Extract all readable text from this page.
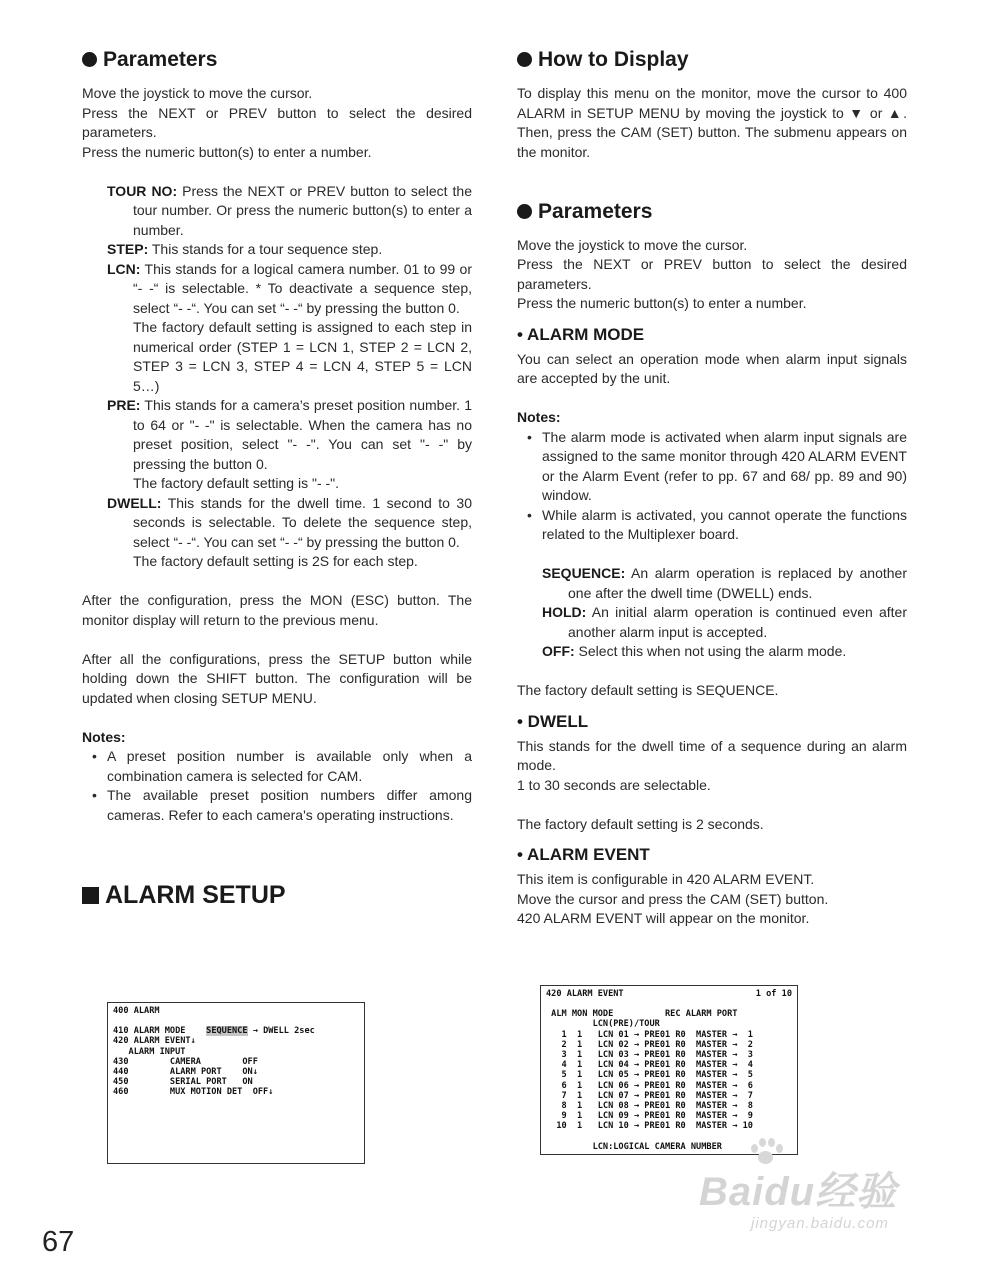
Parameters

Move the joystick to move the cursor.

Press the NEXT or PREV button to select the desired parameters.

Press the numeric button(s) to enter a number.

TOUR NO: Press the NEXT or PREV button to select the tour number. Or press the numeric button(s) to enter a number.

STEP: This stands for a tour sequence step.

LCN: This stands for a logical camera number. 01 to 99 or “- -“ is selectable. * To deactivate a sequence step, select “- -“. You can set “- -“ by pressing the button 0.
The factory default setting is assigned to each step in numerical order (STEP 1 = LCN 1, STEP 2 = LCN 2, STEP 3 = LCN 3, STEP 4 = LCN 4, STEP 5 = LCN 5…)

PRE: This stands for a camera’s preset position number. 1 to 64 or "- -" is selectable. When the camera has no preset position, select "- -". You can set "- -" by pressing the button 0.
The factory default setting is "- -".

DWELL: This stands for the dwell time. 1 second to 30 seconds is selectable. To delete the sequence step, select “- -“. You can set “- -“ by pressing the button 0.
The factory default setting is 2S for each step.

After the configuration, press the MON (ESC) button. The monitor display will return to the previous menu.

After all the configurations, press the SETUP button while holding down the SHIFT button. The configuration will be updated when closing SETUP MENU.

Notes:

• A preset position number is available only when a combination camera is selected for CAM.
• The available preset position numbers differ among cameras. Refer to each camera's operating instructions.
ALARM SETUP
How to Display

To display this menu on the monitor, move the cursor to 400 ALARM in SETUP MENU by moving the joystick to ▼ or ▲. Then, press the CAM (SET) button. The submenu appears on the monitor.

Parameters

Move the joystick to move the cursor.

Press the NEXT or PREV button to select the desired parameters.

Press the numeric button(s) to enter a number.

• ALARM MODE

You can select an operation mode when alarm input signals are accepted by the unit.

Notes:

• The alarm mode is activated when alarm input signals are assigned to the same monitor through 420 ALARM EVENT or the Alarm Event (refer to pp. 67 and 68/ pp. 89 and 90) window.
• While alarm is activated, you cannot operate the functions related to the Multiplexer board.

SEQUENCE: An alarm operation is replaced by another one after the dwell time (DWELL) ends.

HOLD: An initial alarm operation is continued even after another alarm input is accepted.

OFF: Select this when not using the alarm mode.

The factory default setting is SEQUENCE.

• DWELL

This stands for the dwell time of a sequence during an alarm mode.

1 to 30 seconds are selectable.

The factory default setting is 2 seconds.

• ALARM EVENT

This item is configurable in 420 ALARM EVENT.

Move the cursor and press the CAM (SET) button.

420 ALARM EVENT will appear on the monitor.

400 ALARM
410 ALARM MODE    SEQUENCE → DWELL 2sec
420 ALARM EVENT↓
ALARM INPUT
430        CAMERA        OFF
440        ALARM PORT    ON↓
450        SERIAL PORT   ON
460        MUX MOTION DET  OFF↓
420 ALARM EVENT	1 of 10
ALM MON MODE          REC ALARM PORT
LCN(PRE)/TOUR
1  1   LCN 01 → PRE01 R0  MASTER →  1
2  1   LCN 02 → PRE01 R0  MASTER →  2
3  1   LCN 03 → PRE01 R0  MASTER →  3
4  1   LCN 04 → PRE01 R0  MASTER →  4
5  1   LCN 05 → PRE01 R0  MASTER →  5
6  1   LCN 06 → PRE01 R0  MASTER →  6
7  1   LCN 07 → PRE01 R0  MASTER →  7
8  1   LCN 08 → PRE01 R0  MASTER →  8
9  1   LCN 09 → PRE01 R0  MASTER →  9
10  1   LCN 10 → PRE01 R0  MASTER → 10
LCN:LOGICAL CAMERA NUMBER
67
Baidu经验
jingyan.baidu.com
